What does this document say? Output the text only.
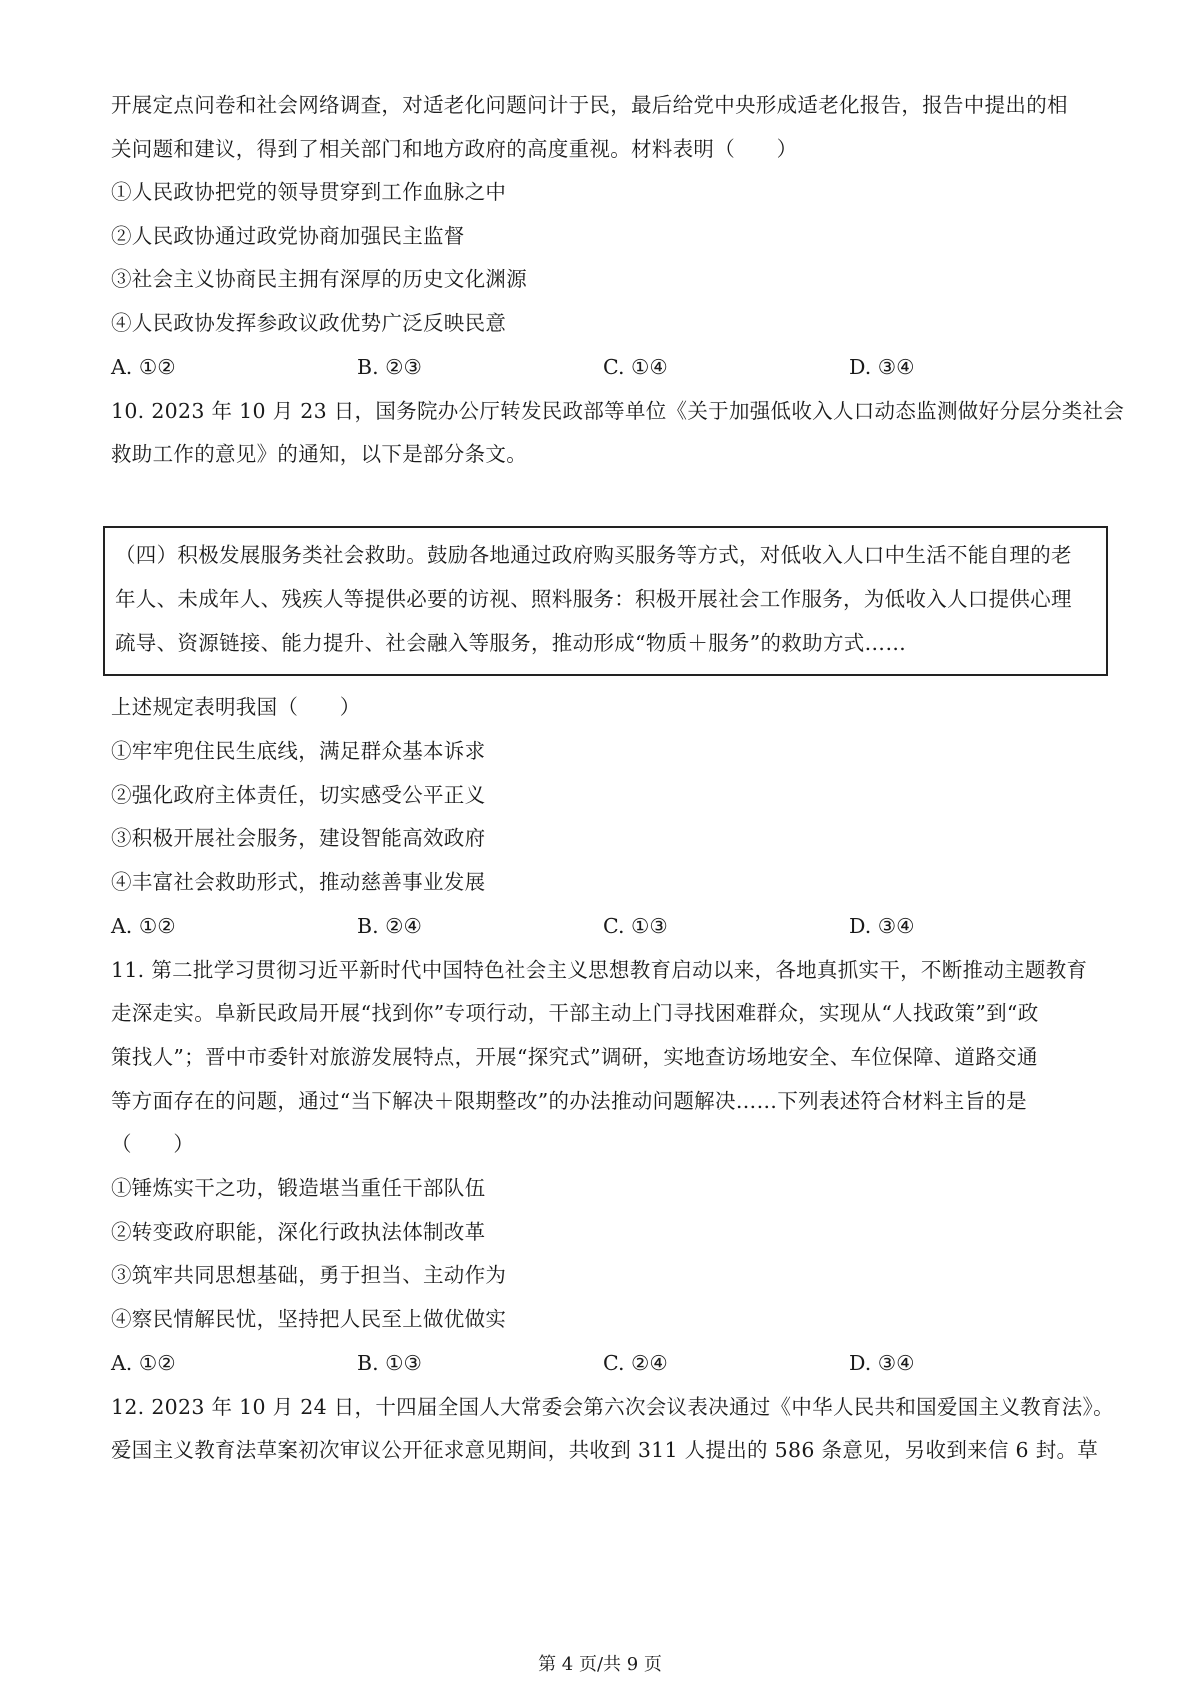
开展定点问卷和社会网络调查，对适老化问题问计于民，最后给党中央形成适老化报告，报告中提出的相
关问题和建议，得到了相关部门和地方政府的高度重视。材料表明（　　）
①人民政协把党的领导贯穿到工作血脉之中
②人民政协通过政党协商加强民主监督
③社会主义协商民主拥有深厚的历史文化渊源
④人民政协发挥参政议政优势广泛反映民意
A. ①②	B. ②③	C. ①④	D. ③④
10. 2023 年 10 月 23 日，国务院办公厅转发民政部等单位《关于加强低收入人口动态监测做好分层分类社会
救助工作的意见》的通知，以下是部分条文。
（四）积极发展服务类社会救助。鼓励各地通过政府购买服务等方式，对低收入人口中生活不能自理的老
年人、未成年人、残疾人等提供必要的访视、照料服务：积极开展社会工作服务，为低收入人口提供心理
疏导、资源链接、能力提升、社会融入等服务，推动形成“物质＋服务”的救助方式……
上述规定表明我国（　　）
①牢牢兜住民生底线，满足群众基本诉求
②强化政府主体责任，切实感受公平正义
③积极开展社会服务，建设智能高效政府
④丰富社会救助形式，推动慈善事业发展
A. ①②	B. ②④	C. ①③	D. ③④
11. 第二批学习贯彻习近平新时代中国特色社会主义思想教育启动以来，各地真抓实干，不断推动主题教育
走深走实。阜新民政局开展“找到你”专项行动，干部主动上门寻找困难群众，实现从“人找政策”到“政
策找人”；晋中市委针对旅游发展特点，开展“探究式”调研，实地查访场地安全、车位保障、道路交通
等方面存在的问题，通过“当下解决＋限期整改”的办法推动问题解决……下列表述符合材料主旨的是
（　　）
①锤炼实干之功，锻造堪当重任干部队伍
②转变政府职能，深化行政执法体制改革
③筑牢共同思想基础，勇于担当、主动作为
④察民情解民忧，坚持把人民至上做优做实
A. ①②	B. ①③	C. ②④	D. ③④
12. 2023 年 10 月 24 日，十四届全国人大常委会第六次会议表决通过《中华人民共和国爱国主义教育法》。
爱国主义教育法草案初次审议公开征求意见期间，共收到 311 人提出的 586 条意见，另收到来信 6 封。草
第 4 页/共 9 页
